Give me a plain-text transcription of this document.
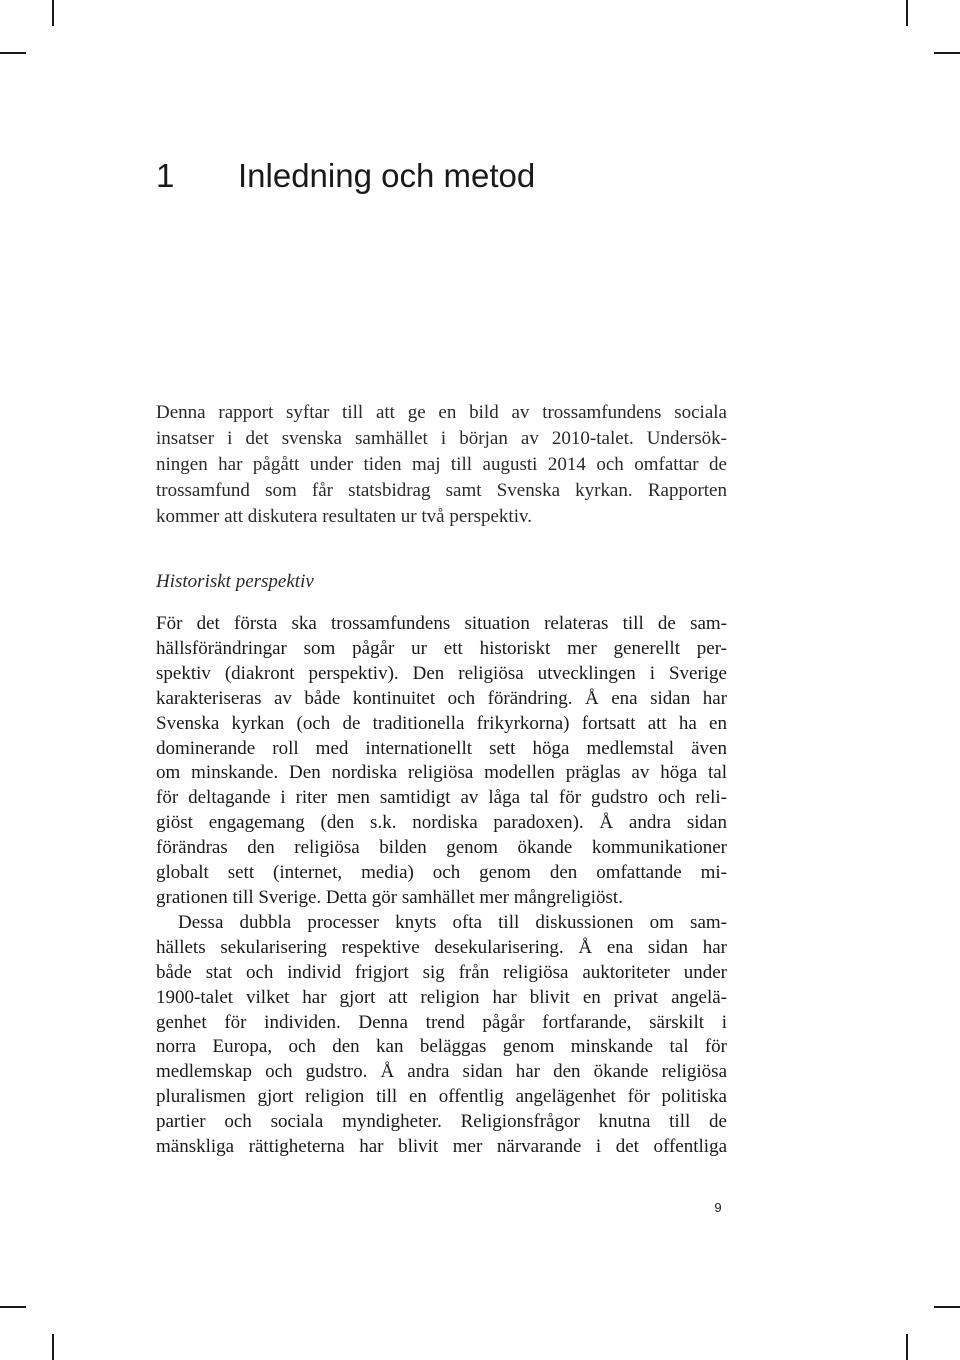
1 Inledning och metod
Denna rapport syftar till att ge en bild av trossamfundens sociala
insatser i det svenska samhället i början av 2010-talet. Undersök-
ningen har pågått under tiden maj till augusti 2014 och omfattar de
trossamfund som får statsbidrag samt Svenska kyrkan. Rapporten
kommer att diskutera resultaten ur två perspektiv.
Historiskt perspektiv
För det första ska trossamfundens situation relateras till de sam-
hällsförändringar som pågår ur ett historiskt mer generellt per-
spektiv (diakront perspektiv). Den religiösa utvecklingen i Sverige
karakteriseras av både kontinuitet och förändring. Å ena sidan har
Svenska kyrkan (och de traditionella frikyrkorna) fortsatt att ha en
dominerande roll med internationellt sett höga medlemstal även
om minskande. Den nordiska religiösa modellen präglas av höga tal
för deltagande i riter men samtidigt av låga tal för gudstro och reli-
giöst engagemang (den s.k. nordiska paradoxen). Å andra sidan
förändras den religiösa bilden genom ökande kommunikationer
globalt sett (internet, media) och genom den omfattande mi-
grationen till Sverige. Detta gör samhället mer mångreligiöst.
Dessa dubbla processer knyts ofta till diskussionen om sam-
hällets sekularisering respektive desekularisering. Å ena sidan har
både stat och individ frigjort sig från religiösa auktoriteter under
1900-talet vilket har gjort att religion har blivit en privat angelä-
genhet för individen. Denna trend pågår fortfarande, särskilt i
norra Europa, och den kan beläggas genom minskande tal för
medlemskap och gudstro. Å andra sidan har den ökande religiösa
pluralismen gjort religion till en offentlig angelägenhet för politiska
partier och sociala myndigheter. Religionsfrågor knutna till de
mänskliga rättigheterna har blivit mer närvarande i det offentliga
9
